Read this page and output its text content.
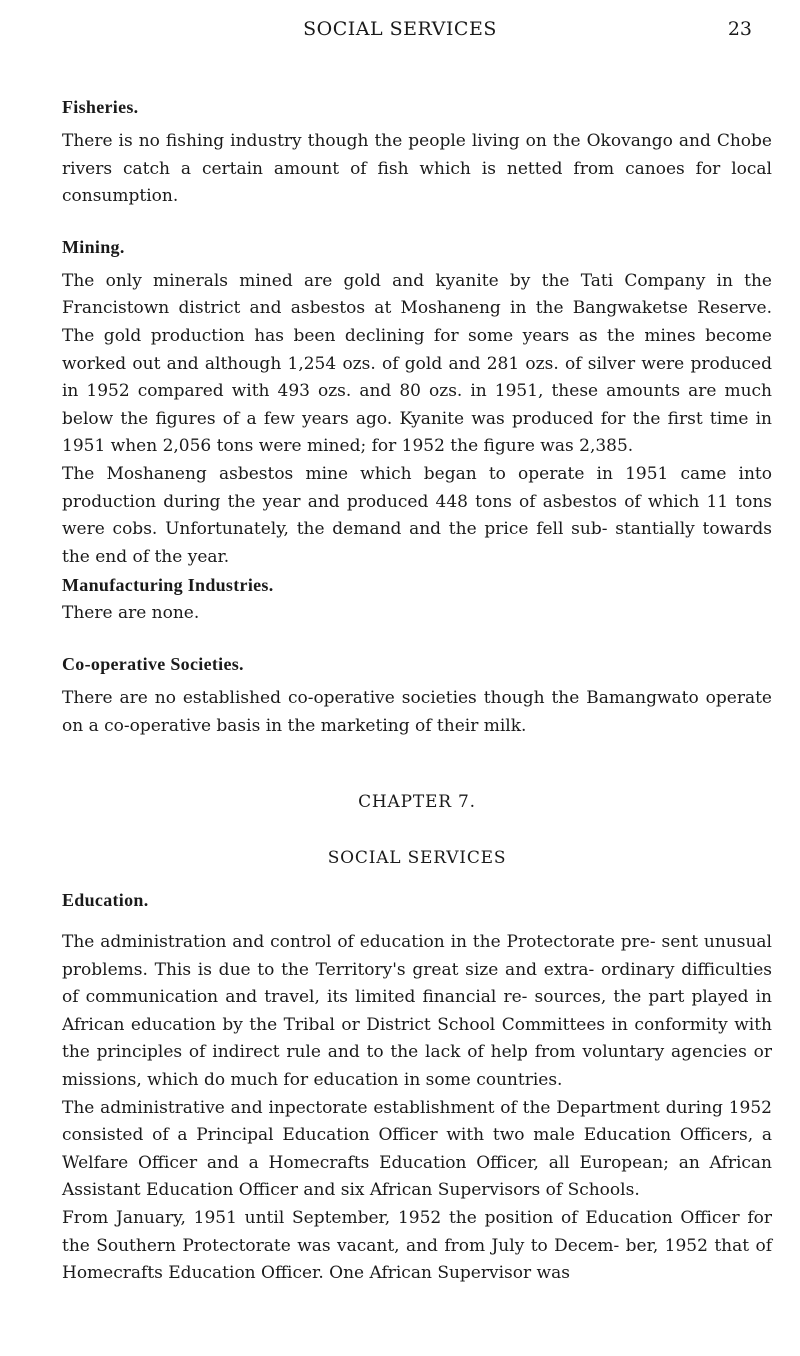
SOCIAL SERVICES	23
Fisheries.

There is no fishing industry though the people living on the Okovango and Chobe rivers catch a certain amount of fish which is netted from canoes for local consumption.

Mining.

The only minerals mined are gold and kyanite by the Tati Company in the Francistown district and asbestos at Moshaneng in the Bangwaketse Reserve. The gold production has been declining for some years as the mines become worked out and although 1,254 ozs. of gold and 281 ozs. of silver were produced in 1952 compared with 493 ozs. and 80 ozs. in 1951, these amounts are much below the figures of a few years ago. Kyanite was produced for the first time in 1951 when 2,056 tons were mined; for 1952 the figure was 2,385.

The Moshaneng asbestos mine which began to operate in 1951 came into production during the year and produced 448 tons of asbestos of which 11 tons were cobs. Unfortunately, the demand and the price fell sub- stantially towards the end of the year.

Manufacturing Industries.

There are none.

Co-operative Societies.

There are no established co-operative societies though the Bamangwato operate on a co-operative basis in the marketing of their milk.

CHAPTER 7.
SOCIAL SERVICES
Education.

The administration and control of education in the Protectorate pre- sent unusual problems. This is due to the Territory's great size and extra- ordinary difficulties of communication and travel, its limited financial re- sources, the part played in African education by the Tribal or District School Committees in conformity with the principles of indirect rule and to the lack of help from voluntary agencies or missions, which do much for education in some countries.

The administrative and inpectorate establishment of the Department during 1952 consisted of a Principal Education Officer with two male Education Officers, a Welfare Officer and a Homecrafts Education Officer, all European; an African Assistant Education Officer and six African Supervisors of Schools.

From January, 1951 until September, 1952 the position of Education Officer for the Southern Protectorate was vacant, and from July to Decem- ber, 1952 that of Homecrafts Education Officer. One African Supervisor was
